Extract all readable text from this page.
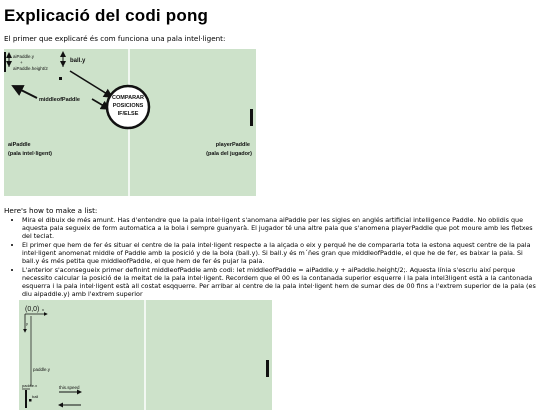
Explicació del codi pong
El primer que explicaré és com funciona una pala intel·ligent:
aiPaddle.y
+
aiPaddle.height/2
ball.y
middleofPaddle	COMPARAR
POSICIONS
IF/ELSE
aiPaddle
(pala intel·ligent)
playerPaddle
(pala del jugador)
Here's how to make a list:
• Mira el dibuix de més amunt. Has d'entendre que la pala intel·ligent s'anomana aiPaddle per les sigles en anglés artificial intelligence Paddle. No oblidis que aquesta pala segueix de form automatica a la bola i sempre guanyarà. El jugador té una altre pala que s'anomena playerPaddle que pot moure amb les fletxes del teclat.
• El primer que hem de fer és situar el centre de la pala intel·ligent respecte a la alçada o eix y perqué he de compararla tota la estona aquest centre de la pala intel·ligent anomenat middle of Paddle amb la posició y de la bola (ball.y). Si ball.y és m´ñes gran que middleofPaddle, el que he de fer, es baixar la pala. Si ball.y és més petita que middleofPaddle, el que hem de fer és pujar la pala.
• L'anterior s'aconsegueix primer definint middleofPaddle amb codi: let middleofPaddle = aiPaddle.y + aiPaddle.height/2;. Aquesta línia s'escriu així perque necessito calcular la posició de la meitat de la pala intel·ligent. Recordem que el 00 es la contanada superior esquerre i la pala intel3ligent està a la cantonada esquerra i la pala intel·ligent està all costat esqquerre. Per arribar al centre de la pala intel·ligent hem de sumar des de 00 fins a l'extrem superior de la pala (es diu aipaddle.y) amb l'extrem superior
(0,0) x
y
paddle.y
paddle.x
ball
this.speed
